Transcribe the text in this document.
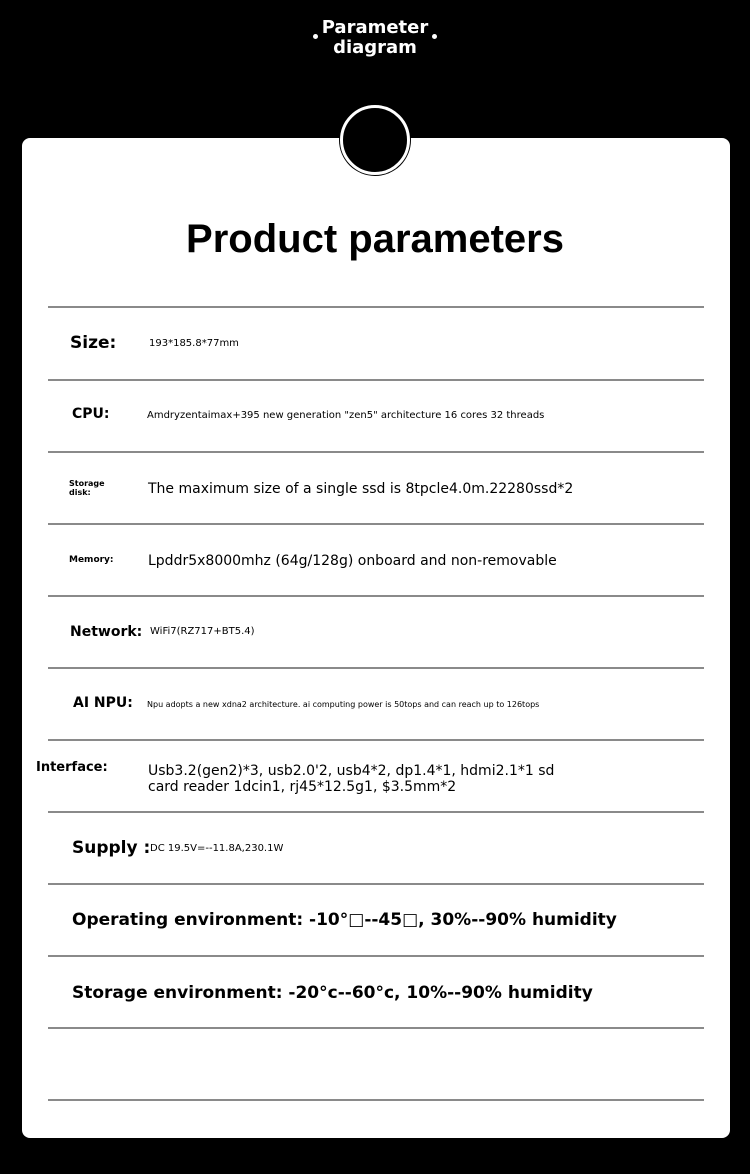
Parameter
diagram
Product parameters
Size:	193*185.8*77mm
CPU:	Amdryzentaimax+395 new generation "zen5" architecture 16 cores 32 threads
Storage
disk:	The maximum size of a single ssd is 8tpcle4.0m.22280ssd*2
Memory: Lpddr5x8000mhz (64g/128g) onboard and non-removable
Network: WiFi7(RZ717+BT5.4)
AI NPU: Npu adopts a new xdna2 architecture. ai computing power is 50tops and can reach up to 126tops
Interface:	Usb3.2(gen2)*3, usb2.0'2, usb4*2, dp1.4*1, hdmi2.1*1 sd
card reader 1dcin1, rj45*12.5g1, $3.5mm*2
Supply : DC 19.5V=--11.8A,230.1W
Operating environment: -10°□--45□, 30%--90% humidity
Storage environment: -20°c--60°c, 10%--90% humidity
